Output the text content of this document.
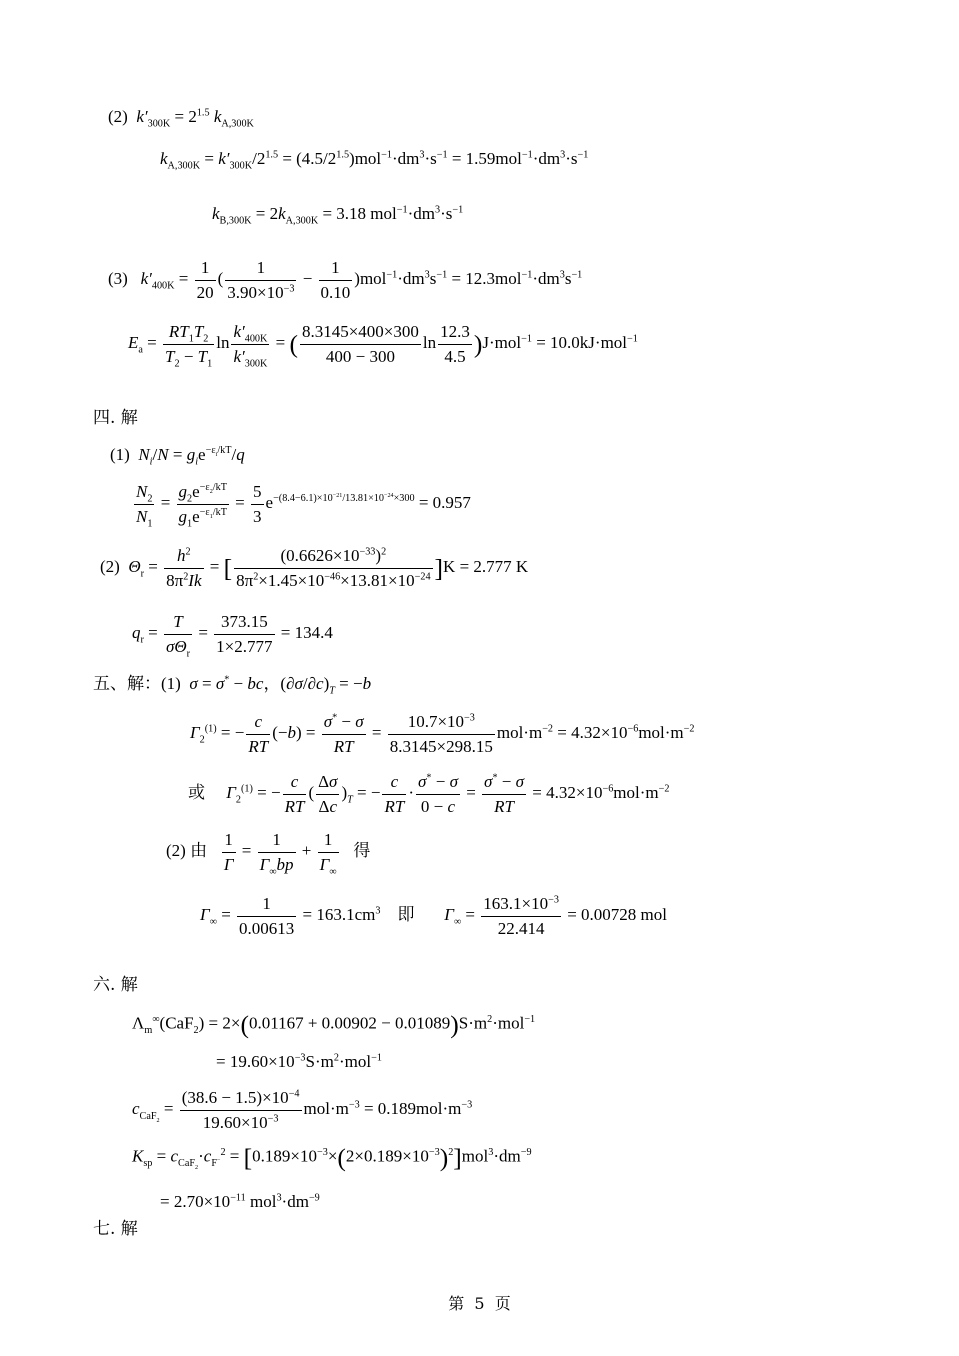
(2) $k'_{300K} = 2^{1.5}$ $k_{A,300K}$
$k_{A,300K} = k'_{300K}/2^{1.5} = (4.5/2^{1.5})mol^{-1}\cdot dm^3\cdot s^{-1} = 1.59mol^{-1}\cdot dm^3\cdot s^{-1}$
$k_{B,300K} = 2k_{A,300K} = 3.18$ $mol^{-1}\cdot dm^3\cdot s^{-1}$
(3) $k'_{400K} = \frac{1}{20}$ ( $\frac{1}{3.90\times 10^{-3}} - \frac{1}{0.10} )mol^{-1}\cdot dm^3s^{-1} = 12.3mol^{-1}\cdot dm^3s^{-1}$
$E_a = \frac{RT_1T_2}{T_2 - T_1}$ $\ln \frac{k'_{400K}}{k'_{300K}}$ = ( $\frac{8.3145\times 400\times 300}{400 - 300}$ $\ln \frac{12.3}{4.5} )J\cdot mol^{-1} = 10.0kJ\cdot mol^{-1}$
四. 解
(1) $N_i/N = g_ie^{-\varepsilon_i/kT}/q$
$\frac{N_2}{N_1} = \frac{g_2e^{-\varepsilon_2/kT}}{g_1e^{-\varepsilon_1/kT}} = \frac{5}{3} e^{-(8.4-6.1)\times 10^{-21}/13.81\times 10^{-24}\times 300} = 0.957$
(2) $\Theta_r = \frac{h^2}{8\pi^2Ik}$ = [ $\frac{(0.6626\times 10^{-33})^2}{8\pi^2\times 1.45\times 10^{-46}\times 13.81\times 10^{-24}} ]K = 2.777$ K
$q_r = \frac{T}{\sigma\Theta_r} = \frac{373.15}{1\times 2.777} = 134.4$
五、解：(1) σ = σ* − bc，$(\partial\sigma/\partial c)_T = -b$
$\Gamma_2^{(1)}$ = − $\frac{c}{RT} (-b) = \frac{\sigma^* - \sigma}{RT} = \frac{10.7\times 10^{-3}}{8.3145\times 298.15} mol\cdot m^{-2} = 4.32\times 10^{-6}mol\cdot m^{-2}$
或 $\Gamma_2^{(1)}$ = − $\frac{c}{RT}$ ( $\frac{\Delta\sigma}{\Delta c} )_T$ = − $\frac{c}{RT} \cdot \frac{\sigma^* - \sigma}{0 - c} = \frac{\sigma^* - \sigma}{RT} = 4.32\times 10^{-6}mol\cdot m^{-2}$
(2) 由 $\frac{1}{\Gamma} = \frac{1}{\Gamma_\infty bp} + \frac{1}{\Gamma_\infty}$ 得
$\Gamma_\infty = \frac{1}{0.00613} = 163.1cm^3$ 即 $\Gamma_\infty = \frac{163.1\times 10^{-3}}{22.414} = 0.00728$ mol
六. 解
$\Lambda_m^\infty(CaF_2) = 2\times(0.01167 + 0.00902 - 0.01089)S\cdot m^2\cdot mol^{-1}$
= $19.60\times 10^{-3}S\cdot m^2\cdot mol^{-1}$
$c_{CaF_2} = \frac{(38.6 - 1.5)\times 10^{-4}}{19.60\times 10^{-3}} mol\cdot m^{-3} = 0.189mol\cdot m^{-3}$
$K_{sp} = c_{CaF_2}\cdot c_{F^-}^2 = [0.189\times 10^{-3}\times(2\times 0.189\times 10^{-3})^2]mol^3\cdot dm^{-9}$
= $2.70\times 10^{-11}$ $mol^3\cdot dm^{-9}$
七. 解
第 5 页
